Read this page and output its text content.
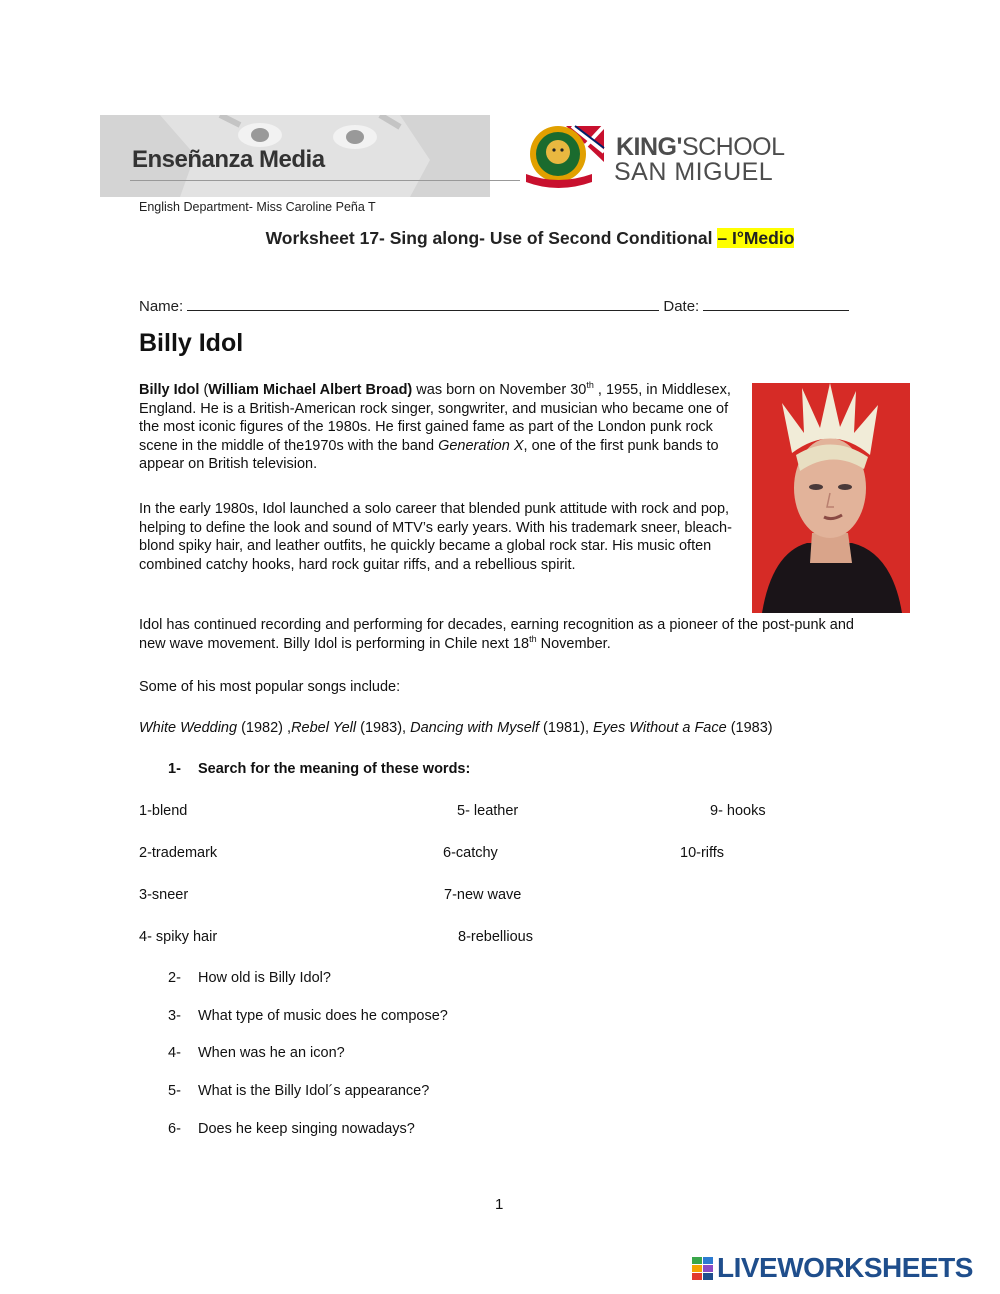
Enseñanza Media	KING'SCHOOL
SAN MIGUEL
English Department- Miss Caroline Peña T
Worksheet 17- Sing along- Use of Second Conditional – I°Medio
Name:	Date:
Billy Idol
Billy Idol (William Michael Albert Broad) was born on November 30th , 1955, in Middlesex, England. He is a British-American rock singer, songwriter, and musician who became one of the most iconic figures of the 1980s. He first gained fame as part of the London punk rock scene in the middle of the1970s with the band Generation X, one of the first punk bands to appear on British television.
In the early 1980s, Idol launched a solo career that blended punk attitude with rock and pop, helping to define the look and sound of MTV’s early years. With his trademark sneer, bleach-blond spiky hair, and leather outfits, he quickly became a global rock star. His music often combined catchy hooks, hard rock guitar riffs, and a rebellious spirit.
Idol has continued recording and performing for decades, earning recognition as a pioneer of the post-punk and new wave movement. Billy Idol is performing in Chile next 18th November.
Some of his most popular songs include:
White Wedding (1982) ,Rebel Yell (1983), Dancing with Myself (1981), Eyes Without a Face (1983)
1- Search for the meaning of these words:
1-blend	5- leather	9- hooks
2-trademark	6-catchy	10-riffs
3-sneer	7-new wave
4- spiky hair	8-rebellious
2- How old is Billy Idol?
3- What type of music does he compose?
4- When was he an icon?
5- What is the Billy Idol´s appearance?
6- Does he keep singing nowadays?
1
LIVEWORKSHEETS
